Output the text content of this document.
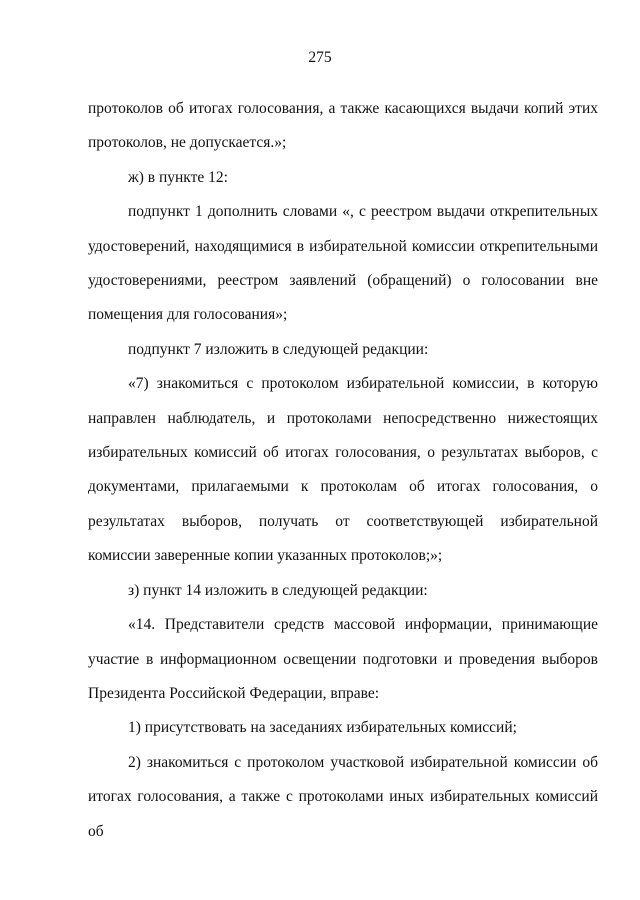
275

протоколов об итогах голосования, а также касающихся выдачи копий этих протоколов, не допускается.»;

ж) в пункте 12:

подпункт 1 дополнить словами «, с реестром выдачи открепительных удостоверений, находящимися в избирательной комиссии открепительными удостоверениями, реестром заявлений (обращений) о голосовании вне помещения для голосования»;

подпункт 7 изложить в следующей редакции:

«7) знакомиться с протоколом избирательной комиссии, в которую направлен наблюдатель, и протоколами непосредственно нижестоящих избирательных комиссий об итогах голосования, о результатах выборов, с документами, прилагаемыми к протоколам об итогах голосования, о результатах выборов, получать от соответствующей избирательной комиссии заверенные копии указанных протоколов;»;

з) пункт 14 изложить в следующей редакции:

«14. Представители средств массовой информации, принимающие участие в информационном освещении подготовки и проведения выборов Президента Российской Федерации, вправе:

1) присутствовать на заседаниях избирательных комиссий;

2) знакомиться с протоколом участковой избирательной комиссии об итогах голосования, а также с протоколами иных избирательных комиссий об
